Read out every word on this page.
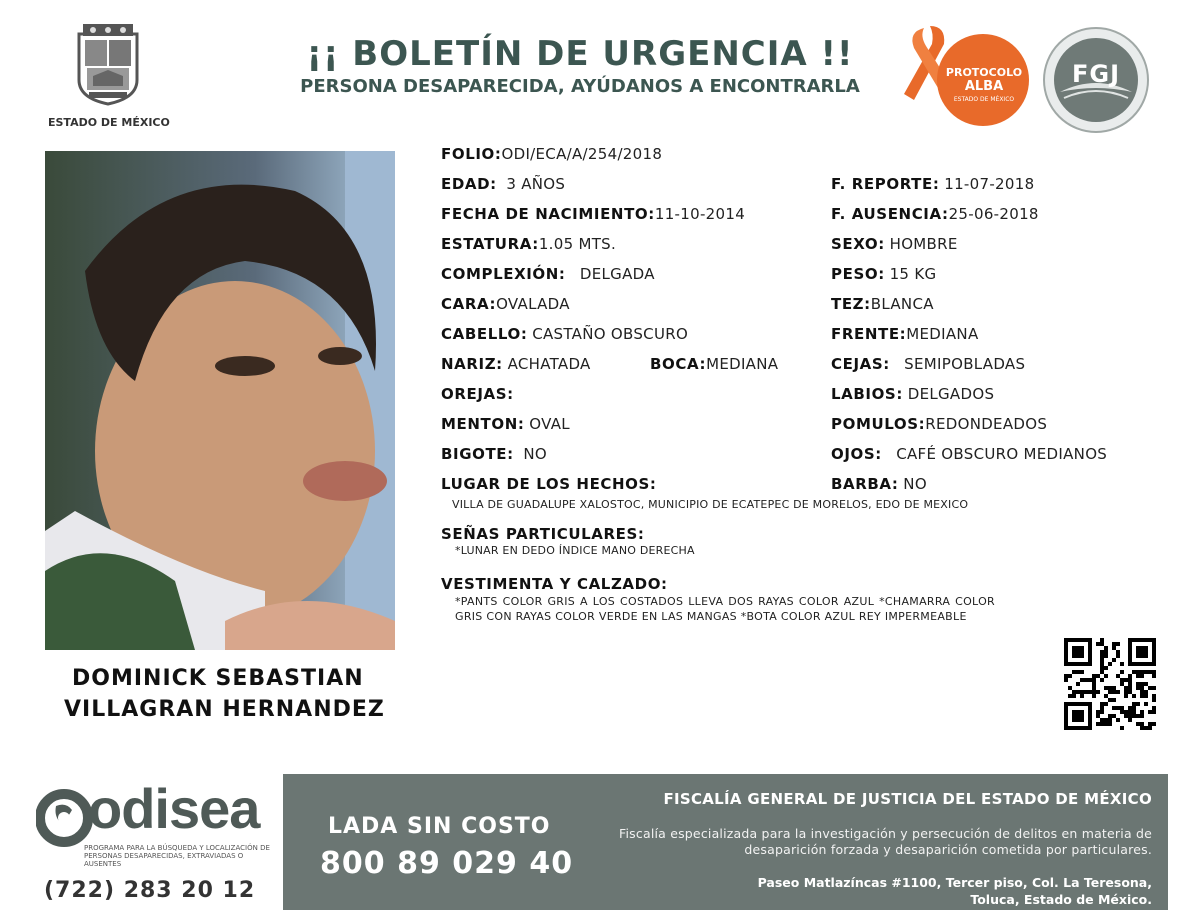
ESTADO DE MÉXICO
¡¡ BOLETÍN DE URGENCIA !!
PERSONA DESAPARECIDA, AYÚDANOS A ENCONTRARLA
PROTOCOLO
ALBA
ESTADO DE MÉXICO
FGJ
DOMINICK SEBASTIAN
VILLAGRAN HERNANDEZ
FOLIO:ODI/ECA/A/254/2018
EDAD: 3 AÑOS
FECHA DE NACIMIENTO:11-10-2014
ESTATURA:1.05 MTS.
COMPLEXIÓN: DELGADA
CARA:OVALADA
CABELLO: CASTAÑO OBSCURO
NARIZ: ACHATADA	BOCA:MEDIANA
OREJAS:
MENTON: OVAL
BIGOTE: NO
LUGAR DE LOS HECHOS:
VILLA DE GUADALUPE XALOSTOC, MUNICIPIO DE ECATEPEC DE MORELOS, EDO DE MEXICO
SEÑAS PARTICULARES:
*LUNAR EN DEDO ÍNDICE MANO DERECHA
VESTIMENTA Y CALZADO:
*PANTS COLOR GRIS A LOS COSTADOS LLEVA DOS RAYAS COLOR AZUL *CHAMARRA COLOR GRIS CON RAYAS COLOR VERDE EN LAS MANGAS *BOTA COLOR AZUL REY IMPERMEABLE
F. REPORTE: 11-07-2018
F. AUSENCIA:25-06-2018
SEXO: HOMBRE
PESO: 15 KG
TEZ:BLANCA
FRENTE:MEDIANA
CEJAS: SEMIPOBLADAS
LABIOS: DELGADOS
POMULOS:REDONDEADOS
OJOS: CAFÉ OBSCURO MEDIANOS
BARBA: NO
odisea
PROGRAMA PARA LA BÚSQUEDA Y LOCALIZACIÓN DE PERSONAS DESAPARECIDAS, EXTRAVIADAS O AUSENTES
(722) 283 20 12
LADA SIN COSTO
800 89 029 40
FISCALÍA GENERAL DE JUSTICIA DEL ESTADO DE MÉXICO
Fiscalía especializada para la investigación y persecución de delitos en materia de desaparición forzada y desaparición cometida por particulares.
Paseo Matlazíncas #1100, Tercer piso, Col. La Teresona,
Toluca, Estado de México.
